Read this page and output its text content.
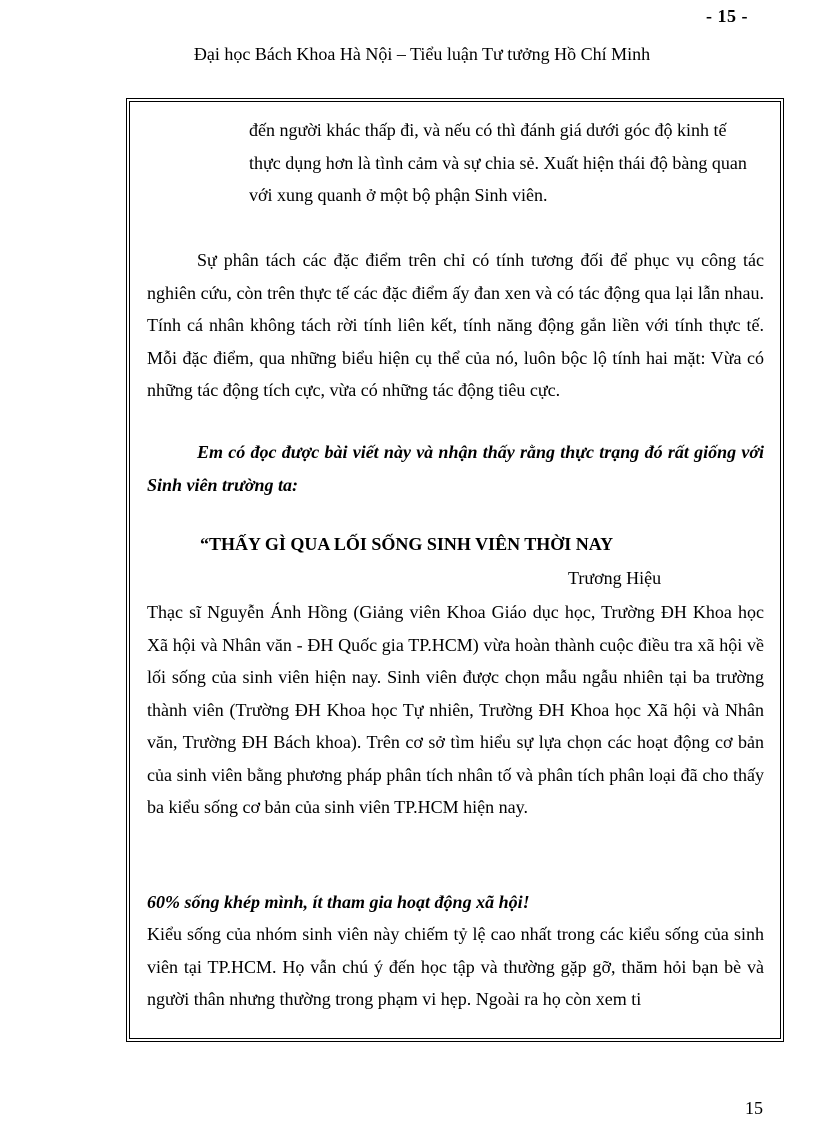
- 15 -
Đại học Bách Khoa Hà Nội – Tiểu luận Tư tưởng Hồ Chí Minh

đến người khác thấp đi, và nếu có thì đánh giá dưới góc độ kinh tế thực dụng hơn là tình cảm và sự chia sẻ. Xuất hiện thái độ bàng quan với xung quanh ở một bộ phận Sinh viên.

Sự phân tách các đặc điểm trên chỉ có tính tương đối để phục vụ công tác nghiên cứu, còn trên thực tế các đặc điểm ấy đan xen và có tác động qua lại lẫn nhau. Tính cá nhân không tách rời tính liên kết, tính năng động gắn liền với tính thực tế. Mỗi đặc điểm, qua những biểu hiện cụ thể của nó, luôn bộc lộ tính hai mặt: Vừa có những tác động tích cực, vừa có những tác động tiêu cực.

Em có đọc được bài viết này và nhận thấy rằng thực trạng đó rất giống với Sinh viên trường ta:

“THẤY GÌ QUA LỐI SỐNG SINH VIÊN THỜI NAY
Trương Hiệu

Thạc sĩ Nguyễn Ánh Hồng (Giảng viên Khoa Giáo dục học, Trường ĐH Khoa học Xã hội và Nhân văn - ĐH Quốc gia TP.HCM) vừa hoàn thành cuộc điều tra xã hội về lối sống của sinh viên hiện nay. Sinh viên được chọn mẫu ngẫu nhiên tại ba trường thành viên (Trường ĐH Khoa học Tự nhiên, Trường ĐH Khoa học Xã hội và Nhân văn, Trường ĐH Bách khoa). Trên cơ sở tìm hiểu sự lựa chọn các hoạt động cơ bản của sinh viên bằng phương pháp phân tích nhân tố và phân tích phân loại đã cho thấy ba kiểu sống cơ bản của sinh viên TP.HCM hiện nay.

60% sống khép mình, ít tham gia hoạt động xã hội!

Kiểu sống của nhóm sinh viên này chiếm tỷ lệ cao nhất trong các kiểu sống của sinh viên tại TP.HCM. Họ vẫn chú ý đến học tập và thường gặp gỡ, thăm hỏi bạn bè và người thân nhưng thường trong phạm vi hẹp. Ngoài ra họ còn xem ti

15
